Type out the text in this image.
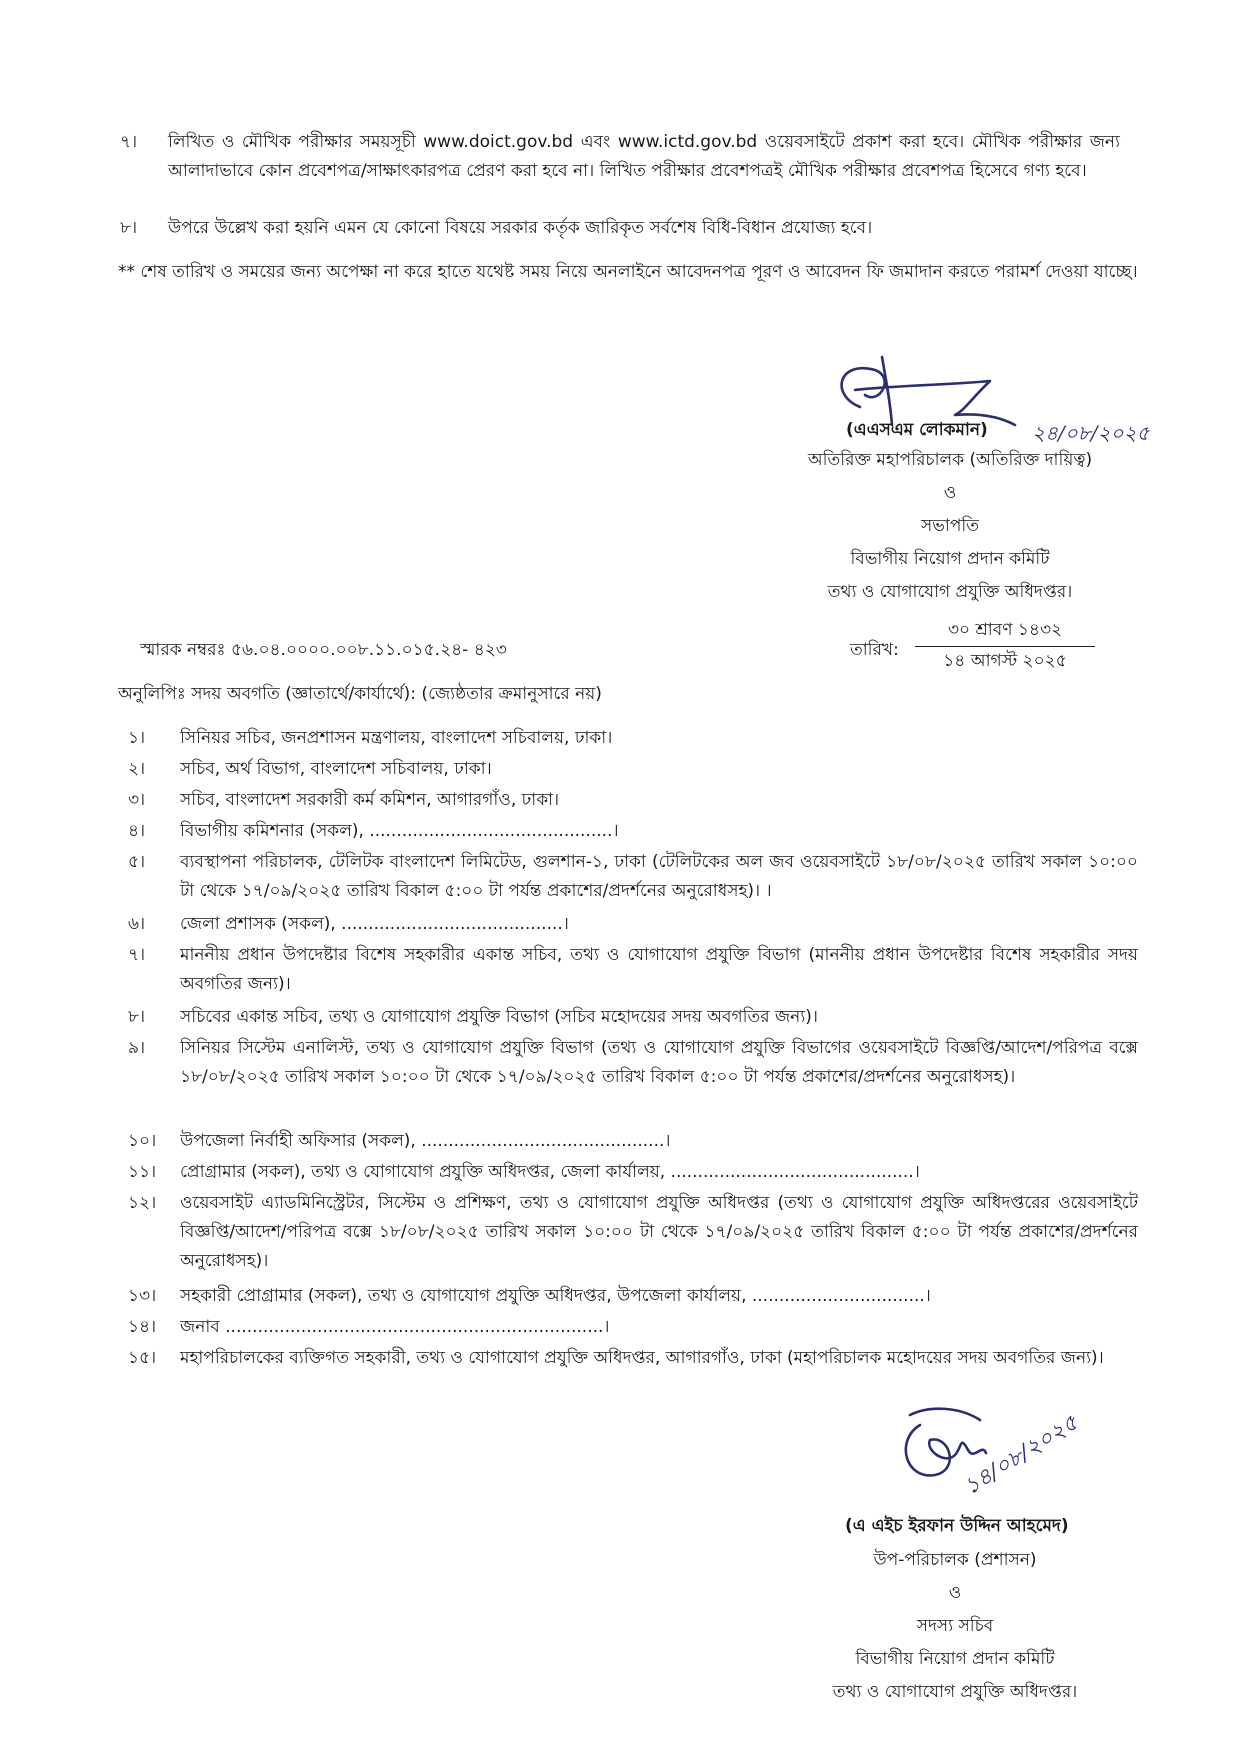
৭।	লিখিত ও মৌখিক পরীক্ষার সময়সূচী www.doict.gov.bd এবং www.ictd.gov.bd ওয়েবসাইটে প্রকাশ করা হবে। মৌখিক পরীক্ষার জন্য আলাদাভাবে কোন প্রবেশপত্র/সাক্ষাৎকারপত্র প্রেরণ করা হবে না। লিখিত পরীক্ষার প্রবেশপত্রই মৌখিক পরীক্ষার প্রবেশপত্র হিসেবে গণ্য হবে।
৮।	উপরে উল্লেখ করা হয়নি এমন যে কোনো বিষয়ে সরকার কর্তৃক জারিকৃত সর্বশেষ বিধি-বিধান প্রযোজ্য হবে।
** শেষ তারিখ ও সময়ের জন্য অপেক্ষা না করে হাতে যথেষ্ট সময় নিয়ে অনলাইনে আবেদনপত্র পূরণ ও আবেদন ফি জমাদান করতে পরামর্শ দেওয়া যাচ্ছে।
(এএসএম লোকমান) ২৪/০৮/২০২৫
অতিরিক্ত মহাপরিচালক (অতিরিক্ত দায়িত্ব)
ও
সভাপতি
বিভাগীয় নিয়োগ প্রদান কমিটি
তথ্য ও যোগাযোগ প্রযুক্তি অধিদপ্তর।
স্মারক নম্বরঃ ৫৬.০৪.০০০০.০০৮.১১.০১৫.২৪- ৪২৩	তারিখ:
৩০ শ্রাবণ ১৪৩২
১৪ আগস্ট ২০২৫
অনুলিপিঃ সদয় অবগতি (জ্ঞাতার্থে/কার্যার্থে): (জ্যেষ্ঠতার ক্রমানুসারে নয়)
১।	সিনিয়র সচিব, জনপ্রশাসন মন্ত্রণালয়, বাংলাদেশ সচিবালয়, ঢাকা।
২।	সচিব, অর্থ বিভাগ, বাংলাদেশ সচিবালয়, ঢাকা।
৩।	সচিব, বাংলাদেশ সরকারী কর্ম কমিশন, আগারগাঁও, ঢাকা।
৪।	বিভাগীয় কমিশনার (সকল), .............................................।
৫।	ব্যবস্থাপনা পরিচালক, টেলিটক বাংলাদেশ লিমিটেড, গুলশান-১, ঢাকা (টেলিটকের অল জব ওয়েবসাইটে ১৮/০৮/২০২৫ তারিখ সকাল ১০:০০ টা থেকে ১৭/০৯/২০২৫ তারিখ বিকাল ৫:০০ টা পর্যন্ত প্রকাশের/প্রদর্শনের অনুরোধসহ)। ।
৬।	জেলা প্রশাসক (সকল), .........................................।
৭।	মাননীয় প্রধান উপদেষ্টার বিশেষ সহকারীর একান্ত সচিব, তথ্য ও যোগাযোগ প্রযুক্তি বিভাগ (মাননীয় প্রধান উপদেষ্টার বিশেষ সহকারীর সদয় অবগতির জন্য)।
৮।	সচিবের একান্ত সচিব, তথ্য ও যোগাযোগ প্রযুক্তি বিভাগ (সচিব মহোদয়ের সদয় অবগতির জন্য)।
৯।	সিনিয়র সিস্টেম এনালিস্ট, তথ্য ও যোগাযোগ প্রযুক্তি বিভাগ (তথ্য ও যোগাযোগ প্রযুক্তি বিভাগের ওয়েবসাইটে বিজ্ঞপ্তি/আদেশ/পরিপত্র বক্সে ১৮/০৮/২০২৫ তারিখ সকাল ১০:০০ টা থেকে ১৭/০৯/২০২৫ তারিখ বিকাল ৫:০০ টা পর্যন্ত প্রকাশের/প্রদর্শনের অনুরোধসহ)।
১০।	উপজেলা নির্বাহী অফিসার (সকল), .............................................।
১১।	প্রোগ্রামার (সকল), তথ্য ও যোগাযোগ প্রযুক্তি অধিদপ্তর, জেলা কার্যালয়, .............................................।
১২।	ওয়েবসাইট এ্যাডমিনিস্ট্রেটর, সিস্টেম ও প্রশিক্ষণ, তথ্য ও যোগাযোগ প্রযুক্তি অধিদপ্তর (তথ্য ও যোগাযোগ প্রযুক্তি অধিদপ্তরের ওয়েবসাইটে বিজ্ঞপ্তি/আদেশ/পরিপত্র বক্সে ১৮/০৮/২০২৫ তারিখ সকাল ১০:০০ টা থেকে ১৭/০৯/২০২৫ তারিখ বিকাল ৫:০০ টা পর্যন্ত প্রকাশের/প্রদর্শনের অনুরোধসহ)।
১৩।	সহকারী প্রোগ্রামার (সকল), তথ্য ও যোগাযোগ প্রযুক্তি অধিদপ্তর, উপজেলা কার্যালয়, ................................।
১৪।	জনাব ......................................................................।
১৫।	মহাপরিচালকের ব্যক্তিগত সহকারী, তথ্য ও যোগাযোগ প্রযুক্তি অধিদপ্তর, আগারগাঁও, ঢাকা (মহাপরিচালক মহোদয়ের সদয় অবগতির জন্য)।
১৪/০৮/২০২৫
(এ এইচ ইরফান উদ্দিন আহমেদ)
উপ-পরিচালক (প্রশাসন)
ও
সদস্য সচিব
বিভাগীয় নিয়োগ প্রদান কমিটি
তথ্য ও যোগাযোগ প্রযুক্তি অধিদপ্তর।
